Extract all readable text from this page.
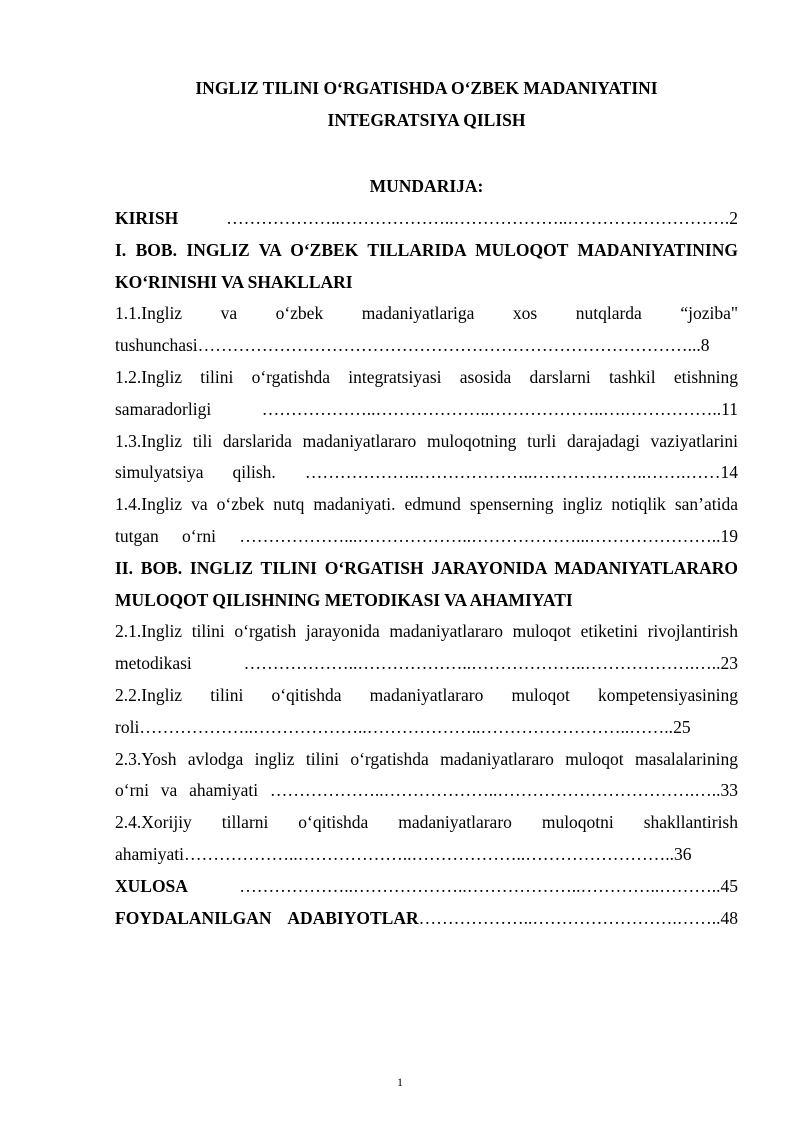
INGLIZ TILINI O‘RGATISHDA O‘ZBEK MADANIYATINI
INTEGRATSIYA QILISH
MUNDARIJA:
KIRISH ………………..………………..………………..……………………….2
I. BOB. INGLIZ VA O‘ZBEK TILLARIDA MULOQOT MADANIYATINING KO‘RINISHI VA SHAKLLARI
1.1.Ingliz va o‘zbek madaniyatlariga xos nutqlarda “joziba"
tushunchasi…………………………………………………………………………...8
1.2.Ingliz tilini o‘rgatishda integratsiyasi asosida darslarni tashkil etishning
samaradorligi ………………..………………..………………..….……………..11
1.3.Ingliz tili darslarida madaniyatlararo muloqotning turli darajadagi vaziyatlarini
simulyatsiya qilish. ………………..………………..………………..…….……14
1.4.Ingliz va o‘zbek nutq madaniyati. edmund spenserning ingliz notiqlik san’atida
tutgan o‘rni ………………...………………..………………...…………………..19
II. BOB. INGLIZ TILINI O‘RGATISH JARAYONIDA MADANIYATLARARO MULOQOT QILISHNING METODIKASI VA AHAMIYATI
2.1.Ingliz tilini o‘rgatish jarayonida madaniyatlararo muloqot etiketini rivojlantirish
metodikasi ………………..………………..………………..……………….…..23
2.2.Ingliz tilini o‘qitishda madaniyatlararo muloqot kompetensiyasining
roli………………..………………..………………..……………………..……..25
2.3.Yosh avlodga ingliz tilini o‘rgatishda madaniyatlararo muloqot masalalarining
o‘rni va ahamiyati ………………..………………..…………………………….…..33
2.4.Xorijiy tillarni o‘qitishda madaniyatlararo muloqotni shakllantirish
ahamiyati………………..………………..………………..……………………..36
XULOSA ………………..………………..………………..…………..………..45
FOYDALANILGAN ADABIYOTLAR………………..…………………….……..48
1
